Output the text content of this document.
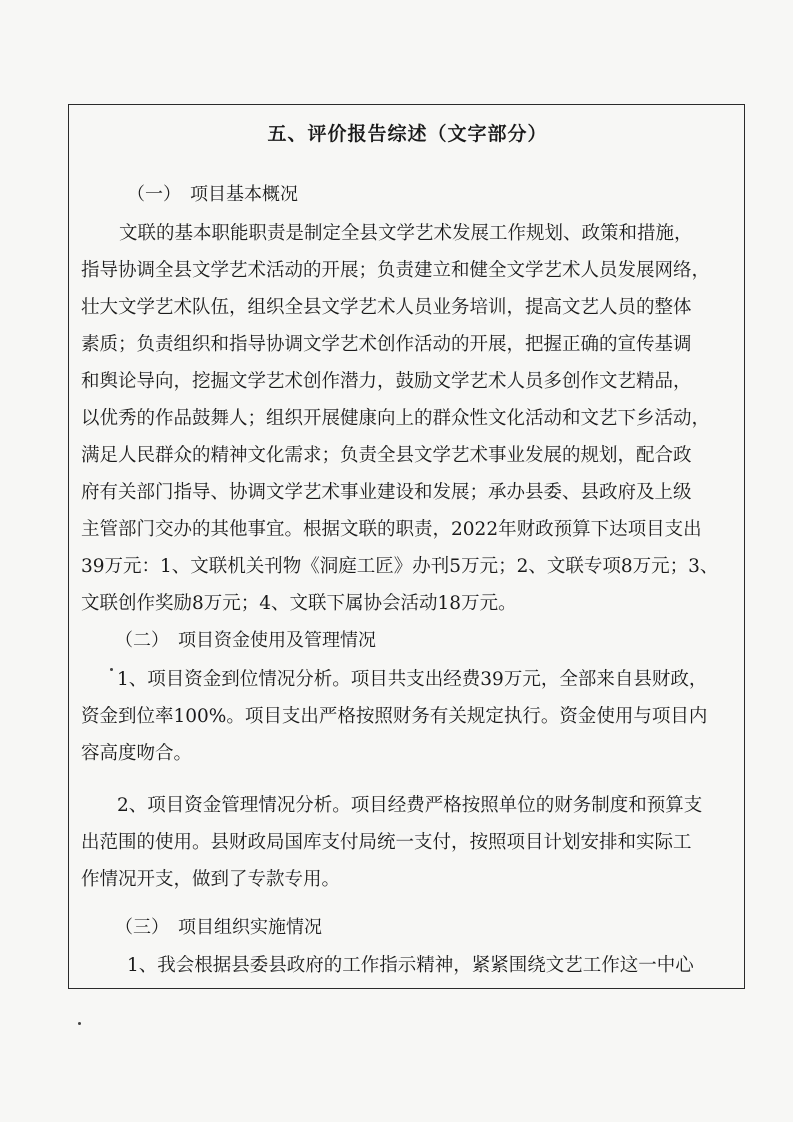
五、评价报告综述（文字部分）

（一）　项目基本概况

文联的基本职能职责是制定全县文学艺术发展工作规划、政策和措施，

指导协调全县文学艺术活动的开展；负责建立和健全文学艺术人员发展网络，

壮大文学艺术队伍，组织全县文学艺术人员业务培训，提高文艺人员的整体

素质；负责组织和指导协调文学艺术创作活动的开展，把握正确的宣传基调

和舆论导向，挖掘文学艺术创作潜力，鼓励文学艺术人员多创作文艺精品，

以优秀的作品鼓舞人；组织开展健康向上的群众性文化活动和文艺下乡活动，

满足人民群众的精神文化需求；负责全县文学艺术事业发展的规划，配合政

府有关部门指导、协调文学艺术事业建设和发展；承办县委、县政府及上级

主管部门交办的其他事宜。根据文联的职责，2022年财政预算下达项目支出

39万元：1、文联机关刊物《洞庭工匠》办刊5万元；2、文联专项8万元；3、

文联创作奖励8万元；4、文联下属协会活动18万元。

（二）　项目资金使用及管理情况

1、项目资金到位情况分析。项目共支出经费39万元，全部来自县财政，

资金到位率100%。项目支出严格按照财务有关规定执行。资金使用与项目内

容高度吻合。

2、项目资金管理情况分析。项目经费严格按照单位的财务制度和预算支

出范围的使用。县财政局国库支付局统一支付，按照项目计划安排和实际工

作情况开支，做到了专款专用。

（三）　项目组织实施情况

1、我会根据县委县政府的工作指示精神，紧紧围绕文艺工作这一中心
